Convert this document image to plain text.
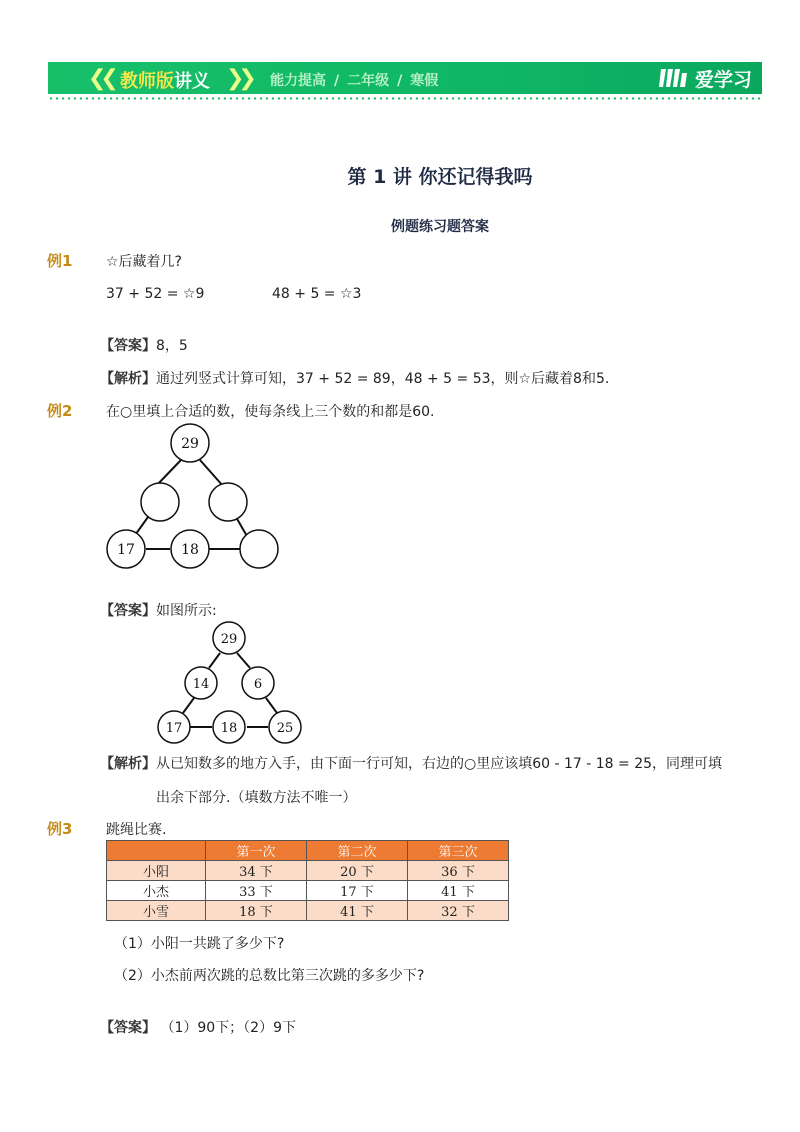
❮❮ 教师版讲义 ❯❯ 能力提高 / 二年级 / 寒假	爱学习
第 1 讲 你还记得我吗
例题练习题答案
例1 ☆后藏着几?
37 + 52 = ☆9	48 + 5 = ☆3
【答案】8，5
【解析】通过列竖式计算可知，37 + 52 = 89，48 + 5 = 53，则☆后藏着8和5.
例2 在○里填上合适的数，使每条线上三个数的和都是60.
29
17	18
【答案】如图所示:
29
14	6
17	18	25
【解析】从已知数多的地方入手，由下面一行可知，右边的○里应该填60 - 17 - 18 = 25，同理可填
出余下部分.（填数方法不唯一）
例3 跳绳比赛.
	第一次	第二次	第三次
小阳	34 下	20 下	36 下
小杰	33 下	17 下	41 下
小雪	18 下	41 下	32 下
（1）小阳一共跳了多少下?
（2）小杰前两次跳的总数比第三次跳的多多少下?
【答案】 （1）90下；（2）9下
